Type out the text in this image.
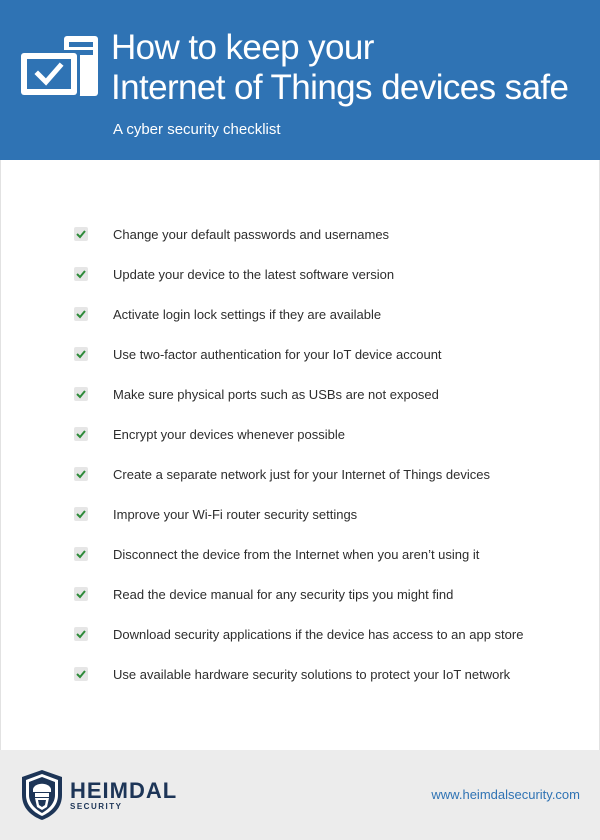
How to keep your
Internet of Things devices safe
A cyber security checklist
Change your default passwords and usernames
Update your device to the latest software version
Activate login lock settings if they are available
Use two-factor authentication for your IoT device account
Make sure physical ports such as USBs are not exposed
Encrypt your devices whenever possible
Create a separate network just for your Internet of Things devices
Improve your Wi-Fi router security settings
Disconnect the device from the Internet when you aren’t using it
Read the device manual for any security tips you might find
Download security applications if the device has access to an app store
Use available hardware security solutions to protect your IoT network
HEIMDAL
SECURITY
www.heimdalsecurity.com
